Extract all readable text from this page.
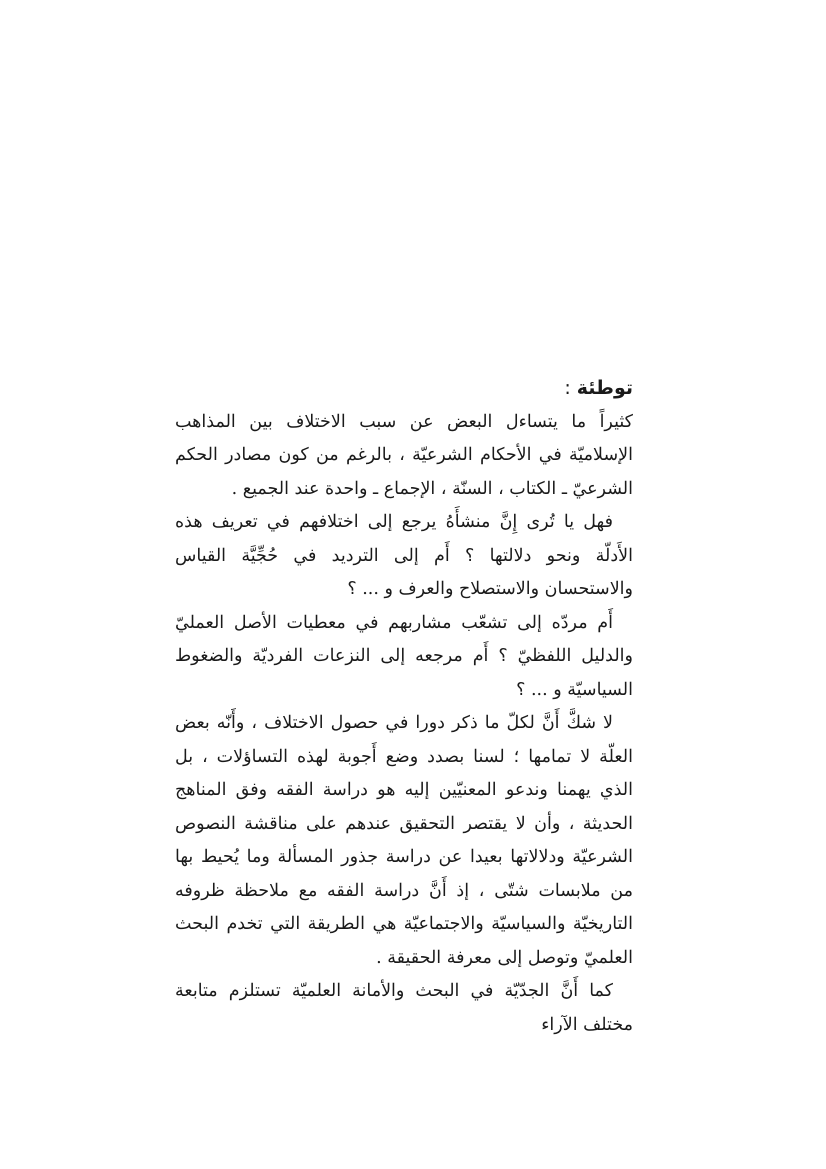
توطئة :

كثيراً ما يتساءل البعض عن سبب الاختلاف بين المذاهب الإسلاميّة في الأحكام الشرعيّة ، بالرغم من كون مصادر الحكم الشرعيّ ـ الكتاب ، السنّة ، الإجماع ـ واحدة عند الجميع .

فهل يا تُرى إِنَّ منشأَهُ يرجع إلى اختلافهم في تعريف هذه الأَدلّة ونحو دلالتها ؟ أَم إلى الترديد في حُجِّيَّة القياس والاستحسان والاستصلاح والعرف و ... ؟

أَم مردّه إلى تشعّب مشاربهم في معطيات الأصل العمليّ والدليل اللفظيّ ؟ أَم مرجعه إلى النزعات الفرديّة والضغوط السياسيّة و ... ؟

لا شكَّ أَنَّ لكلّ ما ذكر دورا في حصول الاختلاف ، وأَنّه بعض العلّة لا تمامها ؛ لسنا بصدد وضع أَجوبة لهذه التساؤلات ، بل الذي يهمنا وندعو المعنيّين إليه هو دراسة الفقه وفق المناهج الحديثة ، وأن لا يقتصر التحقيق عندهم على مناقشة النصوص الشرعيّة ودلالاتها بعيدا عن دراسة جذور المسألة وما يُحيط بها من ملابسات شتّى ، إذ أَنَّ دراسة الفقه مع ملاحظة ظروفه التاريخيّة والسياسيّة والاجتماعيّة هي الطريقة التي تخدم البحث العلميّ وتوصل إلى معرفة الحقيقة .

كما أَنَّ الجدّيّة في البحث والأمانة العلميّة تستلزم متابعة مختلف الآراء
